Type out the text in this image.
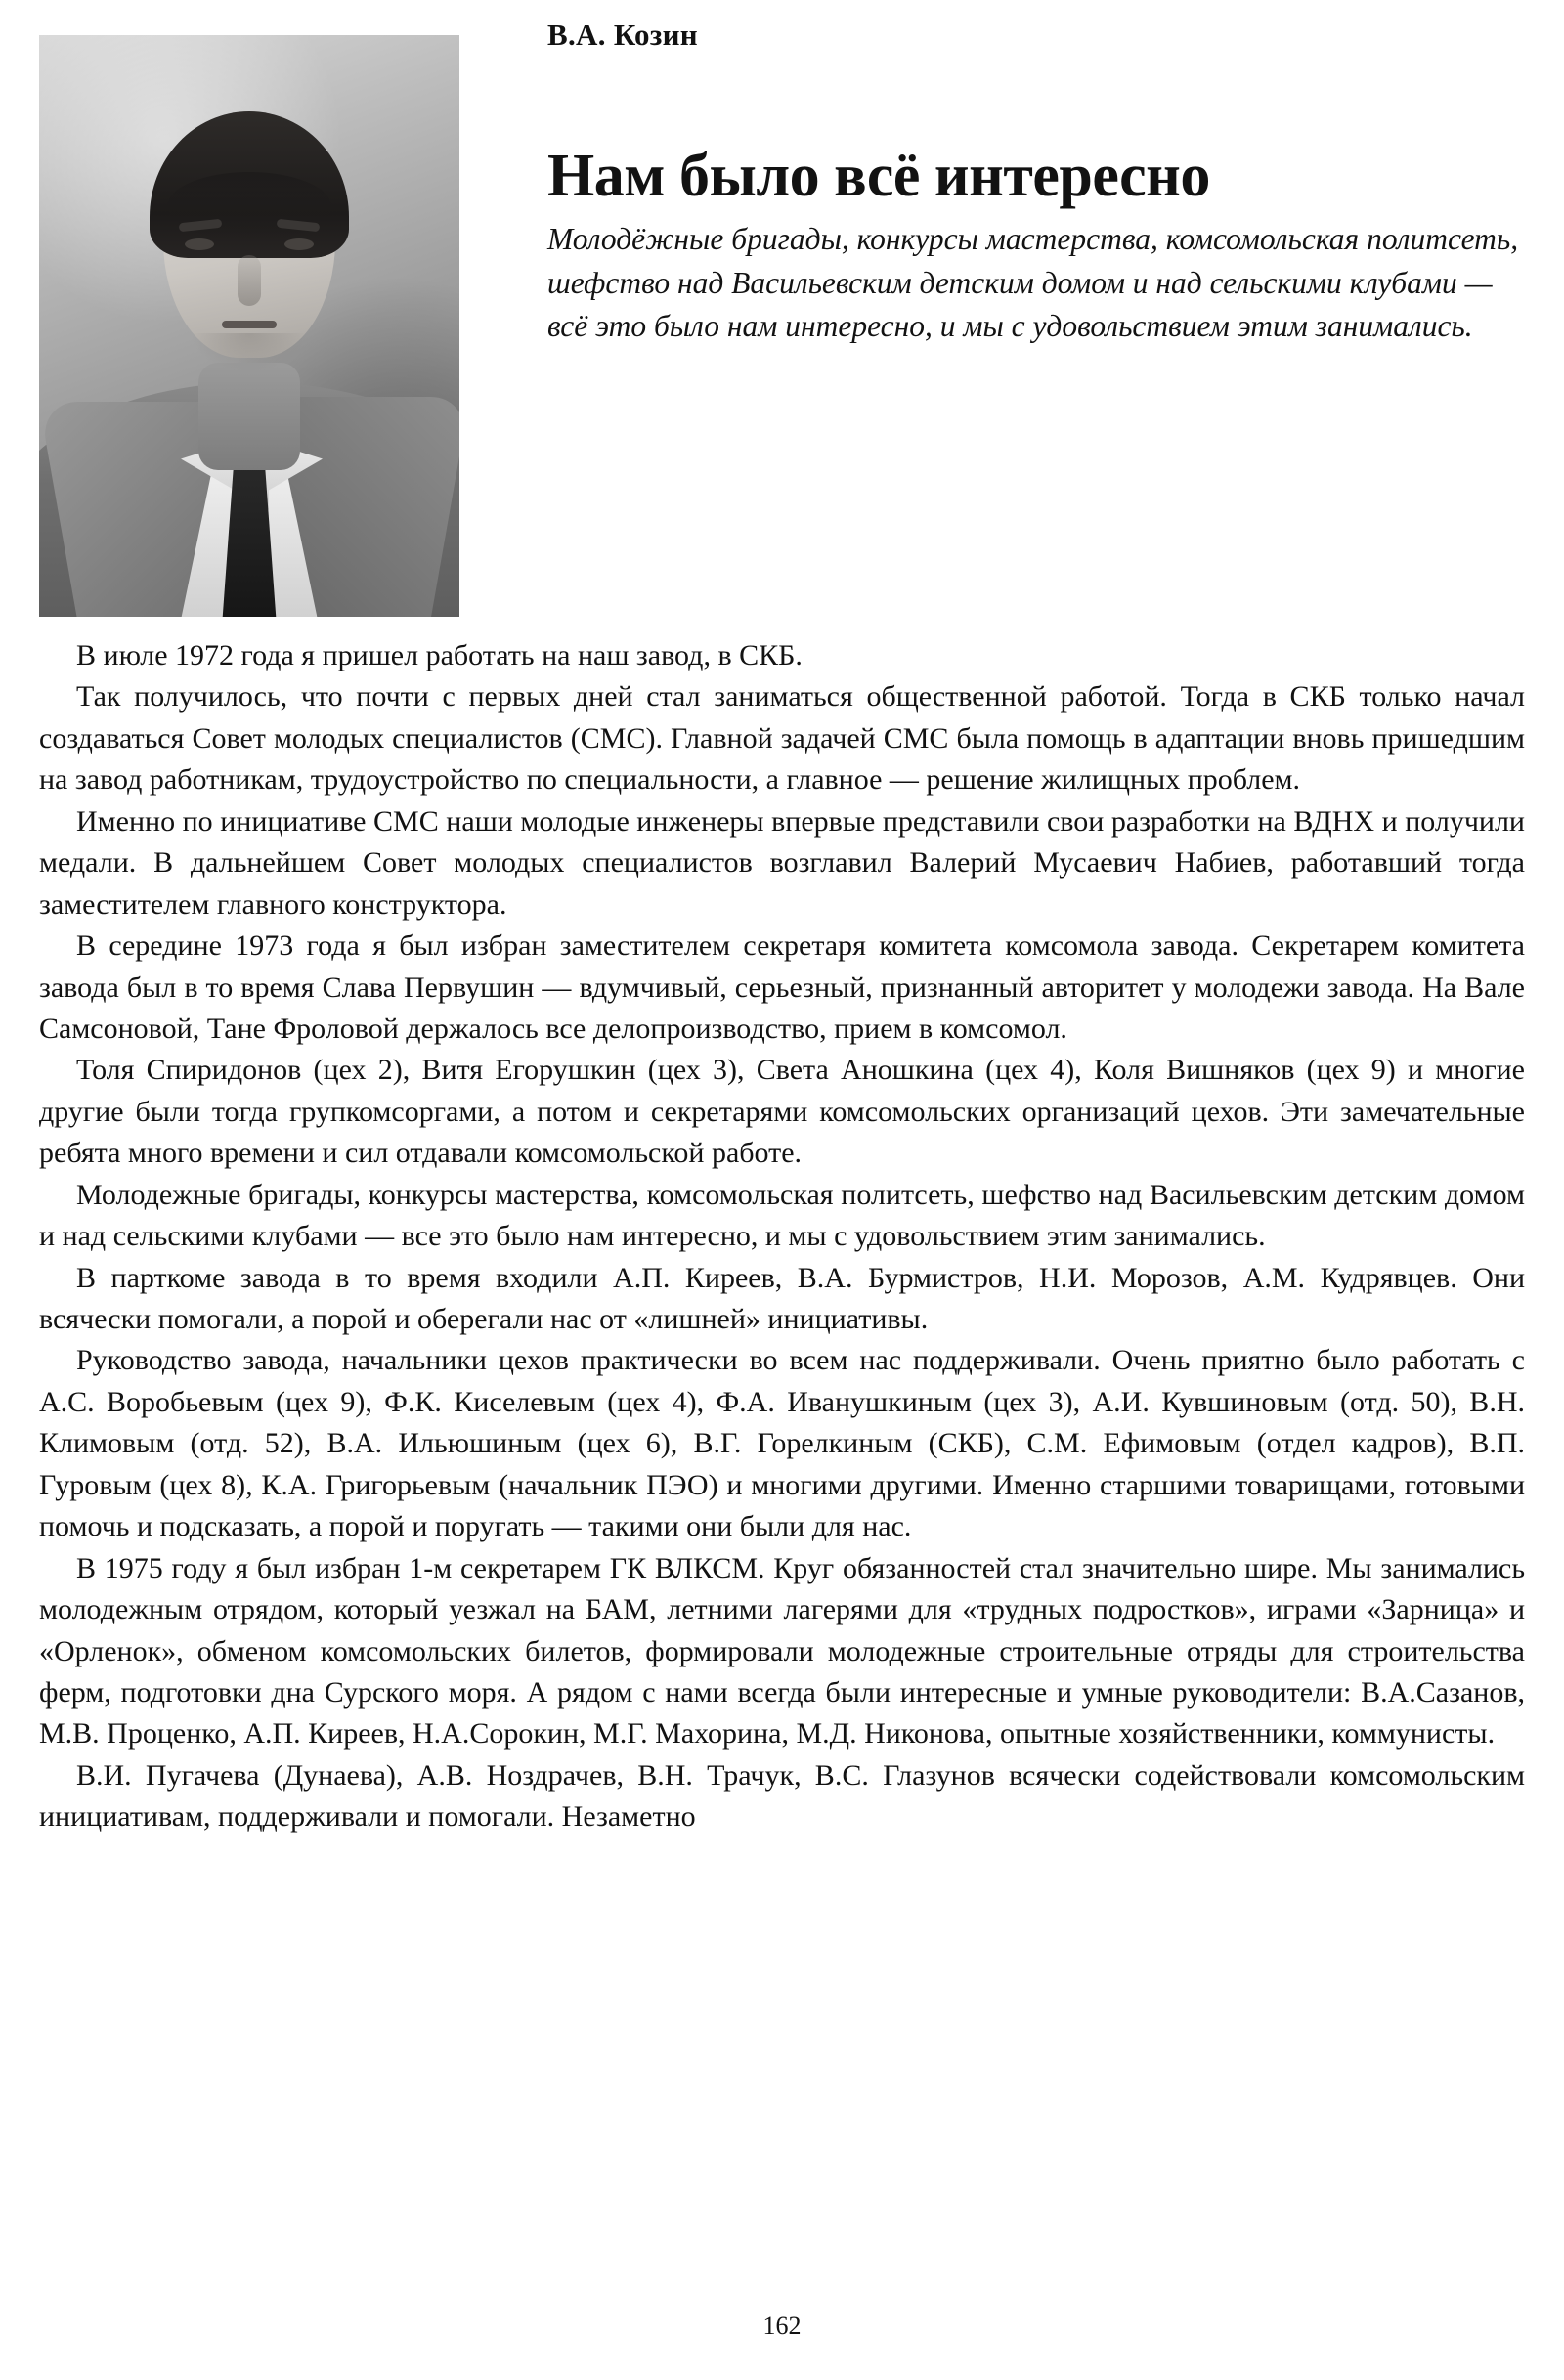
В.А. Козин
Нам было всё интересно
Молодёжные бригады, конкурсы мастерства, комсомольская политсеть, шефство над Васильевским детским домом и над сельскими клубами — всё это было нам интересно, и мы с удовольствием этим занимались.

В июле 1972 года я пришел работать на наш завод, в СКБ.

Так получилось, что почти с первых дней стал заниматься общественной работой. Тогда в СКБ только начал создаваться Совет молодых специалистов (СМС). Главной задачей СМС была помощь в адаптации вновь пришедшим на завод работникам, трудоустройство по специальности, а главное — решение жилищных проблем.

Именно по инициативе СМС наши молодые инженеры впервые представили свои разработки на ВДНХ и получили медали. В дальнейшем Совет молодых специалистов возглавил Валерий Мусаевич Набиев, работавший тогда заместителем главного конструктора.

В середине 1973 года я был избран заместителем секретаря комитета комсомола завода. Секретарем комитета завода был в то время Слава Первушин — вдумчивый, серьезный, признанный авторитет у молодежи завода. На Вале Самсоновой, Тане Фроловой держалось все делопроизводство, прием в комсомол.

Толя Спиридонов (цех 2), Витя Егорушкин (цех 3), Света Аношкина (цех 4), Коля Вишняков (цех 9) и многие другие были тогда групкомсоргами, а потом и секретарями комсомольских организаций цехов. Эти замечательные ребята много времени и сил отдавали комсомольской работе.

Молодежные бригады, конкурсы мастерства, комсомольская политсеть, шефство над Васильевским детским домом и над сельскими клубами — все это было нам интересно, и мы с удовольствием этим занимались.

В парткоме завода в то время входили А.П. Киреев, В.А. Бурмистров, Н.И. Морозов, А.М. Кудрявцев. Они всячески помогали, а порой и оберегали нас от «лишней» инициативы.

Руководство завода, начальники цехов практически во всем нас поддерживали. Очень приятно было работать с А.С. Воробьевым (цех 9), Ф.К. Киселевым (цех 4), Ф.А. Иванушкиным (цех 3), А.И. Кувшиновым (отд. 50), В.Н. Климовым (отд. 52), В.А. Ильюшиным (цех 6), В.Г. Горелкиным (СКБ), С.М. Ефимовым (отдел кадров), В.П. Гуровым (цех 8), К.А. Григорьевым (начальник ПЭО) и многими другими. Именно старшими товарищами, готовыми помочь и подсказать, а порой и поругать — такими они были для нас.

В 1975 году я был избран 1-м секретарем ГК ВЛКСМ. Круг обязанностей стал значительно шире. Мы занимались молодежным отрядом, который уезжал на БАМ, летними лагерями для «трудных подростков», играми «Зарница» и «Орленок», обменом комсомольских билетов, формировали молодежные строительные отряды для строительства ферм, подготовки дна Сурского моря. А рядом с нами всегда были интересные и умные руководители: В.А.Сазанов, М.В. Проценко, А.П. Киреев, Н.А.Сорокин, М.Г. Махорина, М.Д. Никонова, опытные хозяйственники, коммунисты.

В.И. Пугачева (Дунаева), А.В. Ноздрачев, В.Н. Трачук, В.С. Глазунов всячески содействовали комсомольским инициативам, поддерживали и помогали. Незаметно

162
